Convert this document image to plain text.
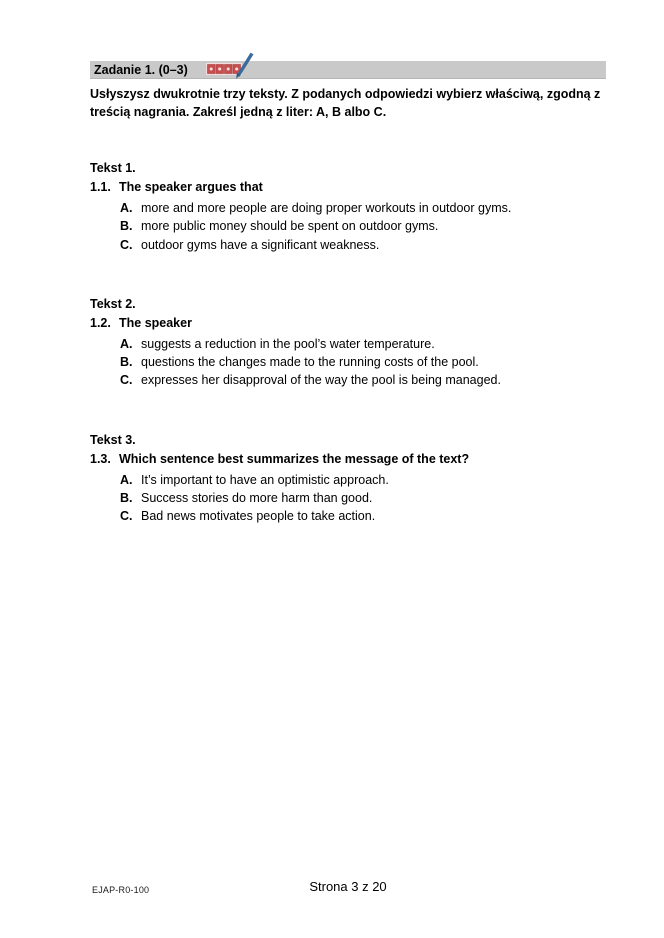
Zadanie 1. (0–3)
Usłyszysz dwukrotnie trzy teksty. Z podanych odpowiedzi wybierz właściwą, zgodną z treścią nagrania. Zakreśl jedną z liter: A, B albo C.
Tekst 1.
1.1. The speaker argues that
A. more and more people are doing proper workouts in outdoor gyms.
B. more public money should be spent on outdoor gyms.
C. outdoor gyms have a significant weakness.
Tekst 2.
1.2. The speaker
A. suggests a reduction in the pool’s water temperature.
B. questions the changes made to the running costs of the pool.
C. expresses her disapproval of the way the pool is being managed.
Tekst 3.
1.3. Which sentence best summarizes the message of the text?
A. It’s important to have an optimistic approach.
B. Success stories do more harm than good.
C. Bad news motivates people to take action.
EJAP-R0-100	Strona 3 z 20
